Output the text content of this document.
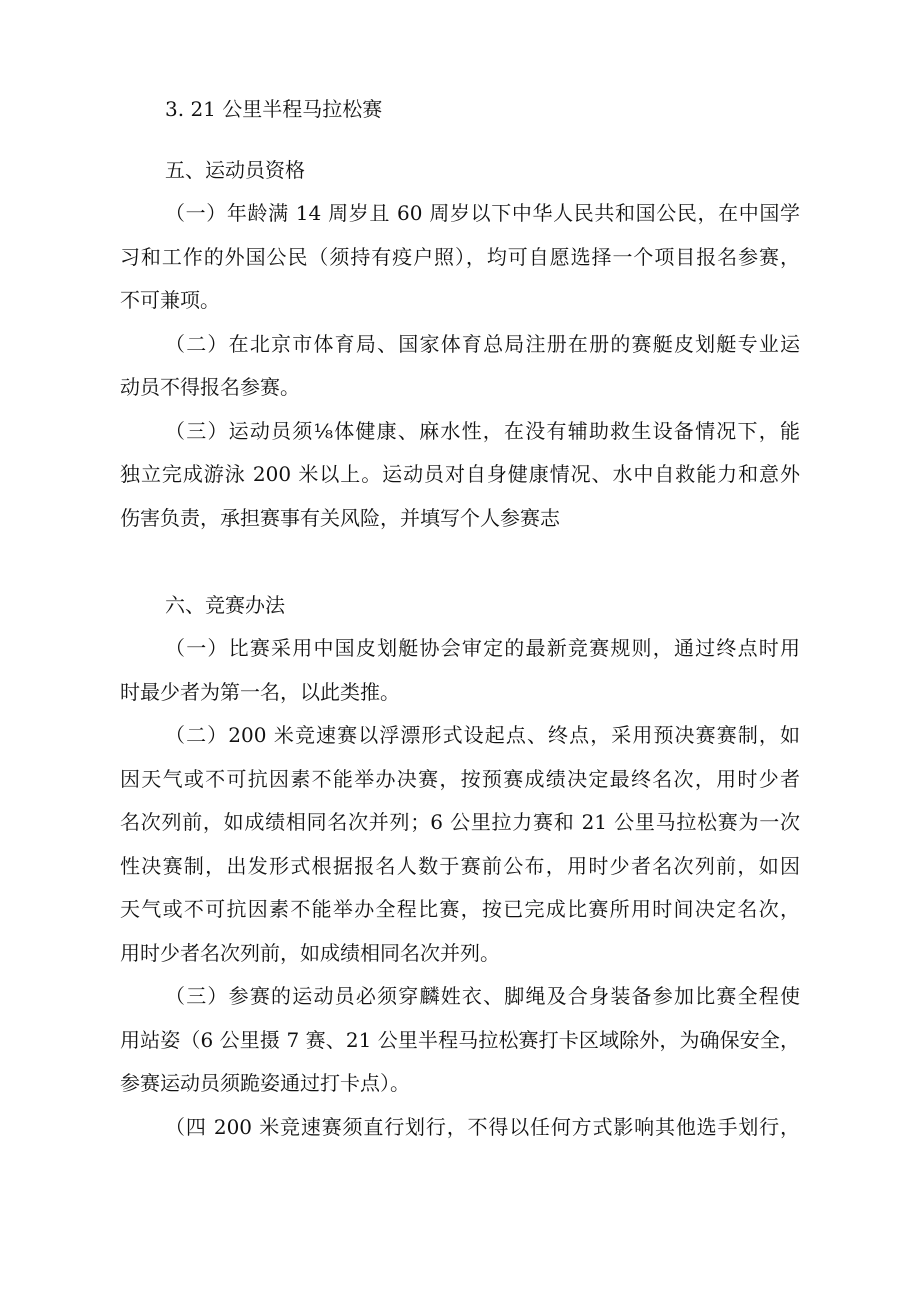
3. 21 公里半程马拉松赛
五、运动员资格
（一）年龄满 14 周岁且 60 周岁以下中华人民共和国公民，在中国学
习和工作的外国公民（须持有疫户照），均可自愿选择一个项目报名参赛，
不可兼项。
（二）在北京市体育局、国家体育总局注册在册的赛艇皮划艇专业运
动员不得报名参赛。
（三）运动员须⅛体健康、麻水性，在没有辅助救生设备情况下，能
独立完成游泳 200 米以上。运动员对自身健康情况、水中自救能力和意外
伤害负责，承担赛事有关风险，并填写个人参赛志
六、竞赛办法
（一）比赛采用中国皮划艇协会审定的最新竞赛规则，通过终点时用
时最少者为第一名，以此类推。
（二）200 米竞速赛以浮漂形式设起点、终点，采用预决赛赛制，如
因天气或不可抗因素不能举办决赛，按预赛成绩决定最终名次，用时少者
名次列前，如成绩相同名次并列；6 公里拉力赛和 21 公里马拉松赛为一次
性决赛制，出发形式根据报名人数于赛前公布，用时少者名次列前，如因
天气或不可抗因素不能举办全程比赛，按已完成比赛所用时间决定名次，
用时少者名次列前，如成绩相同名次并列。
（三）参赛的运动员必须穿麟姓衣、脚绳及合身装备参加比赛全程使
用站姿（6 公里摄 7 赛、21 公里半程马拉松赛打卡区域除外，为确保安全，
参赛运动员须跪姿通过打卡点）。
（四 200 米竞速赛须直行划行，不得以任何方式影响其他选手划行，
